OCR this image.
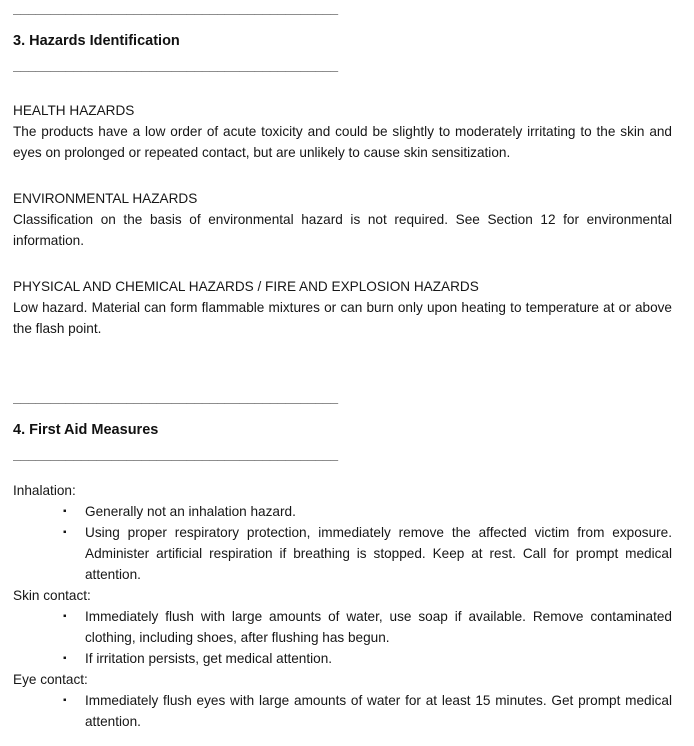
___________________________________________
3. Hazards Identification
___________________________________________
HEALTH HAZARDS

The products have a low order of acute toxicity and could be slightly to moderately irritating to the skin and eyes on prolonged or repeated contact, but are unlikely to cause skin sensitization.

ENVIRONMENTAL HAZARDS

Classification on the basis of environmental hazard is not required. See Section 12 for environmental information.

PHYSICAL AND CHEMICAL HAZARDS / FIRE AND EXPLOSION HAZARDS

Low hazard. Material can form flammable mixtures or can burn only upon heating to temperature at or above the flash point.

___________________________________________
4. First Aid Measures
___________________________________________
Inhalation:
▪ Generally not an inhalation hazard.
▪ Using proper respiratory protection, immediately remove the affected victim from exposure. Administer artificial respiration if breathing is stopped. Keep at rest. Call for prompt medical attention.
Skin contact:
▪ Immediately flush with large amounts of water, use soap if available. Remove contaminated clothing, including shoes, after flushing has begun.
▪ If irritation persists, get medical attention.
Eye contact:
▪ Immediately flush eyes with large amounts of water for at least 15 minutes. Get prompt medical attention.
